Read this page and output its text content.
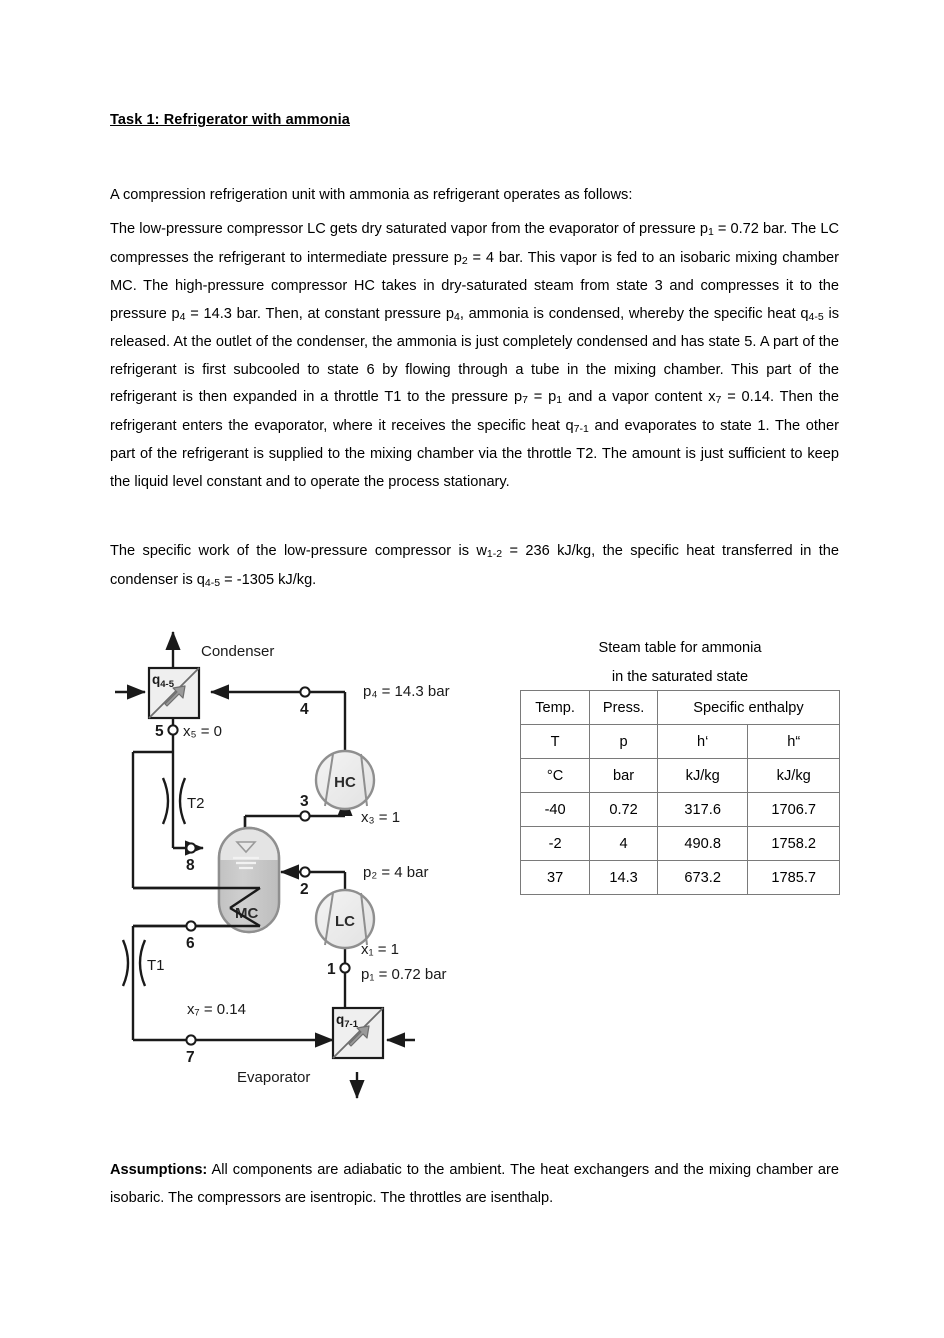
Task 1: Refrigerator with ammonia
A compression refrigeration unit with ammonia as refrigerant operates as follows:
The low-pressure compressor LC gets dry saturated vapor from the evaporator of pressure $p_1 = 0.72$ bar. The LC compresses the refrigerant to intermediate pressure $p_2 = 4$ bar. This vapor is fed to an isobaric mixing chamber MC. The high-pressure compressor HC takes in dry-saturated steam from state 3 and compresses it to the pressure $p_4 = 14.3$ bar. Then, at constant pressure $p_4$, ammonia is condensed, whereby the specific heat $q_{4-5}$ is released. At the outlet of the condenser, the ammonia is just completely condensed and has state 5. A part of the refrigerant is first subcooled to state 6 by flowing through a tube in the mixing chamber. This part of the refrigerant is then expanded in a throttle T1 to the pressure $p_7 = p_1$ and a vapor content $x_7 = 0.14$. Then the refrigerant enters the evaporator, where it receives the specific heat $q_{7-1}$ and evaporates to state 1. The other part of the refrigerant is supplied to the mixing chamber via the throttle T2. The amount is just sufficient to keep the liquid level constant and to operate the process stationary.
The specific work of the low-pressure compressor is $w_{1-2} = 236$ kJ/kg, the specific heat transferred in the condenser is $q_{4-5} = -1305$ kJ/kg.
Assumptions: All components are adiabatic to the ambient. The heat exchangers and the mixing chamber are isobaric. The compressors are isentropic. The throttles are isenthalp.
Steam table for ammonia
in the saturated state
Temp.	Press.	Specific enthalpy	
T	p	h‘	h“
°C	bar	kJ/kg	kJ/kg
-40	0.72	317.6	1706.7
-2	4	490.8	1758.2
37	14.3	673.2	1785.7
$q_{4-5}$
$q_{7-1}$
MC
HC
LC
Condenser
Evaporator
p₄ = 14.3 bar
p₂ = 4 bar
p₁ = 0.72 bar
x₁ = 1
x₃ = 1
x₅ = 0
x₇ = 0.14
T2
T1
5
8
6
7
4
3
2
1
